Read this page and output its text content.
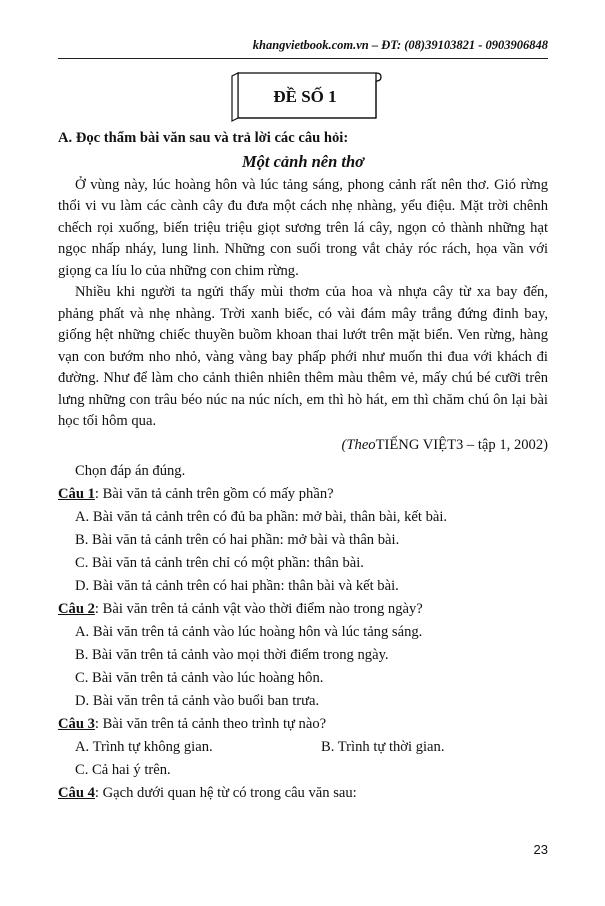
khangvietbook.com.vn – ĐT: (08)39103821 - 0903906848
ĐỀ SỐ 1

A. Đọc thẩm bài văn sau và trả lời các câu hỏi:

Một cảnh nên thơ

Ở vùng này, lúc hoàng hôn và lúc tảng sáng, phong cảnh rất nên thơ. Gió rừng thổi vi vu làm các cành cây đu đưa một cách nhẹ nhàng, yểu điệu. Mặt trời chênh chếch rọi xuống, biến triệu triệu giọt sương trên lá cây, ngọn cỏ thành những hạt ngọc nhấp nháy, lung linh. Những con suối trong vắt chảy róc rách, họa vần với giọng ca líu lo của những con chim rừng.

Nhiều khi người ta ngửi thấy mùi thơm của hoa và nhựa cây từ xa bay đến, phảng phất và nhẹ nhàng. Trời xanh biếc, có vài đám mây trắng đứng đinh bay, giống hệt những chiếc thuyền buồm khoan thai lướt trên mặt biển. Ven rừng, hàng vạn con bướm nho nhỏ, vàng vàng bay phấp phới như muốn thi đua với khách đi đường. Như để làm cho cảnh thiên nhiên thêm màu thêm vẻ, mấy chú bé cưỡi trên lưng những con trâu béo núc na núc ních, em thì hò hát, em thì chăm chú ôn lại bài học tối hôm qua.

(TheoTIẾNG VIỆT3 – tập 1, 2002)

Chọn đáp án đúng.

Câu 1: Bài văn tả cảnh trên gồm có mấy phần?

A. Bài văn tả cảnh trên có đủ ba phần: mở bài, thân bài, kết bài.

B. Bài văn tả cảnh trên có hai phần: mở bài và thân bài.

C. Bài văn tả cảnh trên chỉ có một phần: thân bài.

D. Bài văn tả cảnh trên có hai phần: thân bài và kết bài.

Câu 2: Bài văn trên tả cảnh vật vào thời điểm nào trong ngày?

A. Bài văn trên tả cảnh vào lúc hoàng hôn và lúc tảng sáng.

B. Bài văn trên tả cảnh vào mọi thời điểm trong ngày.

C. Bài văn trên tả cảnh vào lúc hoàng hôn.

D. Bài văn trên tả cảnh vào buổi ban trưa.

Câu 3: Bài văn trên tả cảnh theo trình tự nào?

A. Trình tự không gian.	B. Trình tự thời gian.

C. Cả hai ý trên.

Câu 4: Gạch dưới quan hệ từ có trong câu văn sau:

23
